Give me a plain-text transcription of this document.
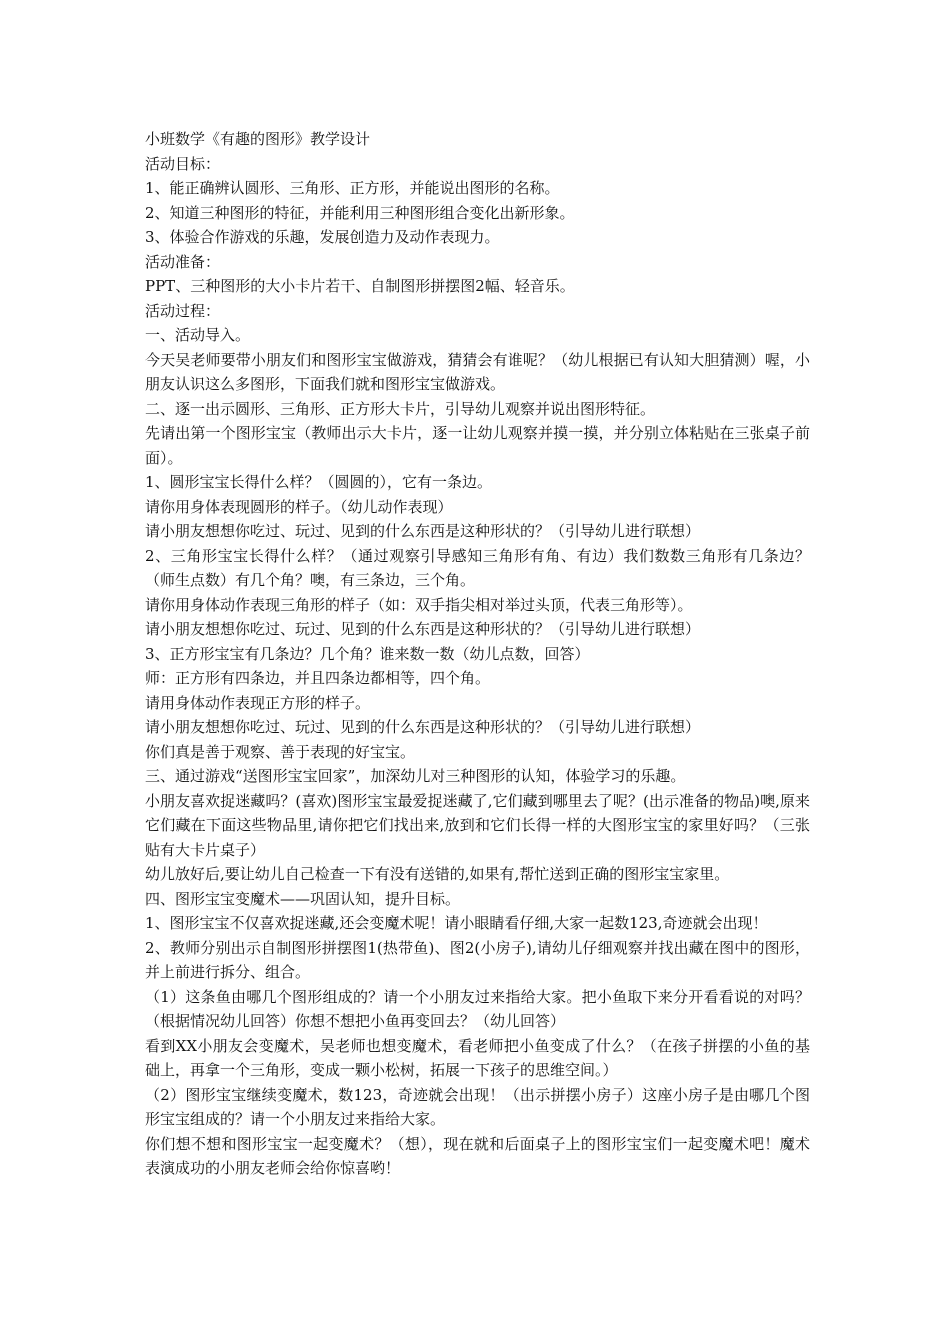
小班数学《有趣的图形》教学设计

活动目标：

1、能正确辨认圆形、三角形、正方形，并能说出图形的名称。

2、知道三种图形的特征，并能利用三种图形组合变化出新形象。

3、体验合作游戏的乐趣，发展创造力及动作表现力。

活动准备：

PPT、三种图形的大小卡片若干、自制图形拼摆图2幅、轻音乐。

活动过程：

一、活动导入。

今天吴老师要带小朋友们和图形宝宝做游戏，猜猜会有谁呢？（幼儿根据已有认知大胆猜测）喔，小朋友认识这么多图形，下面我们就和图形宝宝做游戏。

二、逐一出示圆形、三角形、正方形大卡片，引导幼儿观察并说出图形特征。

先请出第一个图形宝宝（教师出示大卡片，逐一让幼儿观察并摸一摸，并分别立体粘贴在三张桌子前面）。

1、圆形宝宝长得什么样？（圆圆的），它有一条边。

请你用身体表现圆形的样子。（幼儿动作表现）

请小朋友想想你吃过、玩过、见到的什么东西是这种形状的？（引导幼儿进行联想）

2、三角形宝宝长得什么样？（通过观察引导感知三角形有角、有边）我们数数三角形有几条边？（师生点数）有几个角？噢，有三条边，三个角。

请你用身体动作表现三角形的样子（如：双手指尖相对举过头顶，代表三角形等）。

请小朋友想想你吃过、玩过、见到的什么东西是这种形状的？（引导幼儿进行联想）

3、正方形宝宝有几条边？几个角？谁来数一数（幼儿点数，回答）

师：正方形有四条边，并且四条边都相等，四个角。

请用身体动作表现正方形的样子。

请小朋友想想你吃过、玩过、见到的什么东西是这种形状的？（引导幼儿进行联想）

你们真是善于观察、善于表现的好宝宝。

三、通过游戏“送图形宝宝回家”，加深幼儿对三种图形的认知，体验学习的乐趣。

小朋友喜欢捉迷藏吗？(喜欢)图形宝宝最爱捉迷藏了,它们藏到哪里去了呢？(出示准备的物品)噢,原来它们藏在下面这些物品里,请你把它们找出来,放到和它们长得一样的大图形宝宝的家里好吗？（三张贴有大卡片桌子）

幼儿放好后,要让幼儿自己检查一下有没有送错的,如果有,帮忙送到正确的图形宝宝家里。

四、图形宝宝变魔术——巩固认知，提升目标。

1、图形宝宝不仅喜欢捉迷藏,还会变魔术呢！请小眼睛看仔细,大家一起数123,奇迹就会出现！

2、教师分别出示自制图形拼摆图1(热带鱼)、图2(小房子),请幼儿仔细观察并找出藏在图中的图形，并上前进行拆分、组合。

（1）这条鱼由哪几个图形组成的？请一个小朋友过来指给大家。把小鱼取下来分开看看说的对吗？（根据情况幼儿回答）你想不想把小鱼再变回去？（幼儿回答）

看到XX小朋友会变魔术，吴老师也想变魔术，看老师把小鱼变成了什么？（在孩子拼摆的小鱼的基础上，再拿一个三角形，变成一颗小松树，拓展一下孩子的思维空间。）

（2）图形宝宝继续变魔术，数123，奇迹就会出现！（出示拼摆小房子）这座小房子是由哪几个图形宝宝组成的？请一个小朋友过来指给大家。

你们想不想和图形宝宝一起变魔术？（想），现在就和后面桌子上的图形宝宝们一起变魔术吧！魔术表演成功的小朋友老师会给你惊喜哟！
